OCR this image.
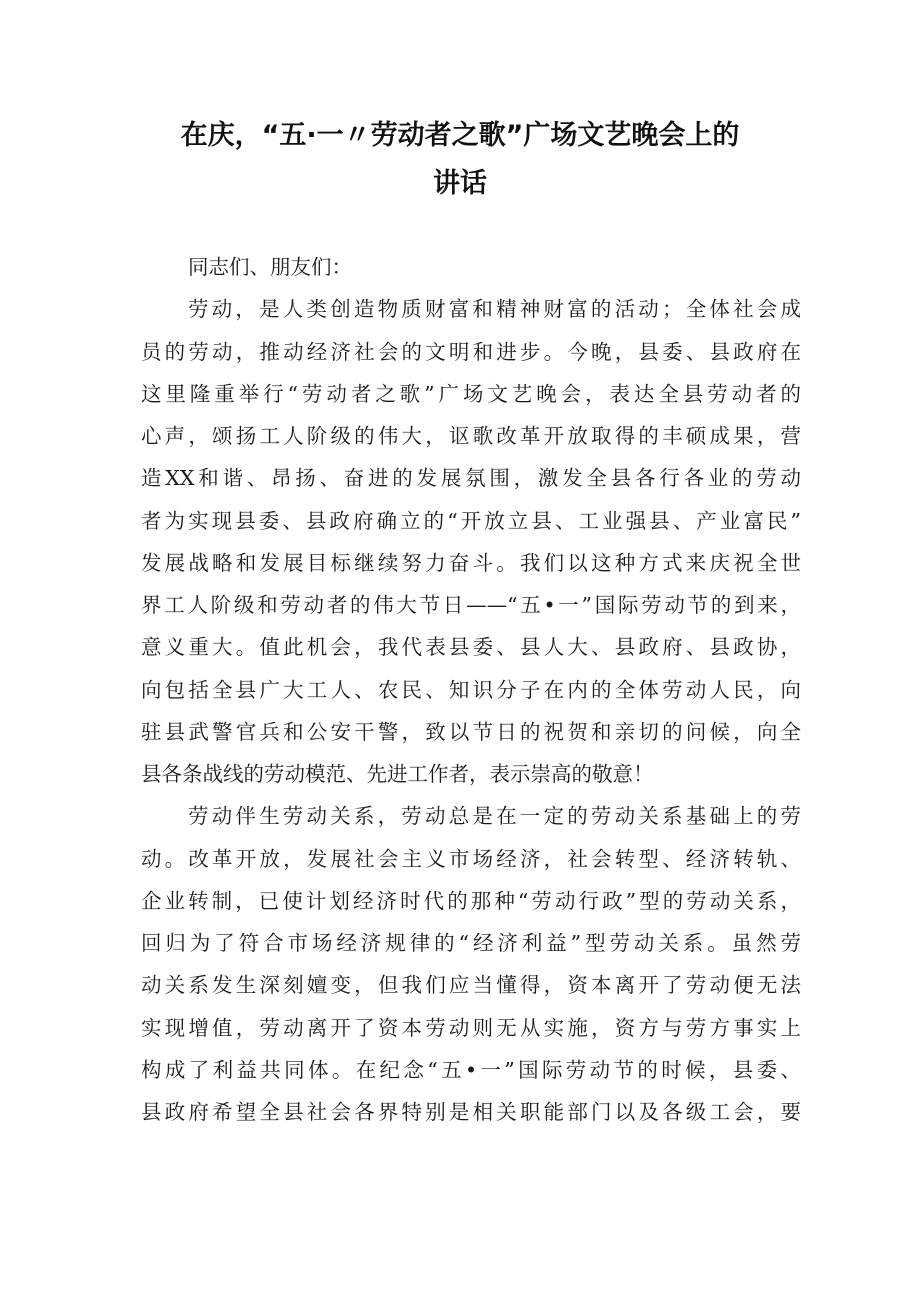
在庆，“五·一〃劳动者之歌”广场文艺晚会上的
讲话
同志们、朋友们：
劳动，是人类创造物质财富和精神财富的活动；全体社会成
员的劳动，推动经济社会的文明和进步。今晚，县委、县政府在
这里隆重举行“劳动者之歌”广场文艺晚会，表达全县劳动者的
心声，颂扬工人阶级的伟大，讴歌改革开放取得的丰硕成果，营
造XX和谐、昂扬、奋进的发展氛围，激发全县各行各业的劳动
者为实现县委、县政府确立的“开放立县、工业强县、产业富民”
发展战略和发展目标继续努力奋斗。我们以这种方式来庆祝全世
界工人阶级和劳动者的伟大节日——“五•一”国际劳动节的到来，
意义重大。值此机会，我代表县委、县人大、县政府、县政协，
向包括全县广大工人、农民、知识分子在内的全体劳动人民，向
驻县武警官兵和公安干警，致以节日的祝贺和亲切的问候，向全
县各条战线的劳动模范、先进工作者，表示崇高的敬意！
劳动伴生劳动关系，劳动总是在一定的劳动关系基础上的劳
动。改革开放，发展社会主义市场经济，社会转型、经济转轨、
企业转制，已使计划经济时代的那种“劳动行政”型的劳动关系，
回归为了符合市场经济规律的“经济利益”型劳动关系。虽然劳
动关系发生深刻嬗变，但我们应当懂得，资本离开了劳动便无法
实现增值，劳动离开了资本劳动则无从实施，资方与劳方事实上
构成了利益共同体。在纪念“五•一”国际劳动节的时候，县委、
县政府希望全县社会各界特别是相关职能部门以及各级工会，要
